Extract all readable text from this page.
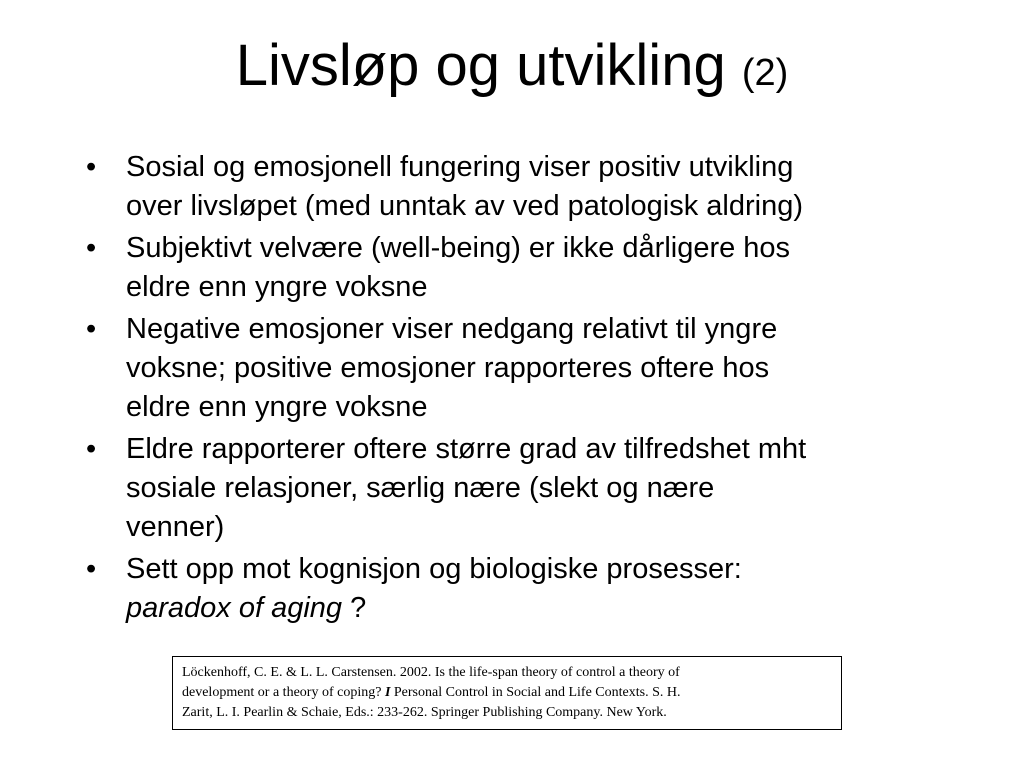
Livsløp og utvikling (2)
• Sosial og emosjonell fungering viser positiv utvikling
over livsløpet (med unntak av ved patologisk aldring)
• Subjektivt velvære (well-being) er ikke dårligere hos
eldre enn yngre voksne
• Negative emosjoner viser nedgang relativt til yngre
voksne; positive emosjoner rapporteres oftere hos
eldre enn yngre voksne
• Eldre rapporterer oftere større grad av tilfredshet mht
sosiale relasjoner, særlig nære (slekt og nære
venner)
• Sett opp mot kognisjon og biologiske prosesser:
paradox of aging ?
Löckenhoff, C. E. & L. L. Carstensen. 2002. Is the life-span theory of control a theory of
development or a theory of coping? I Personal Control in Social and Life Contexts. S. H.
Zarit, L. I. Pearlin & Schaie, Eds.: 233-262. Springer Publishing Company. New York.
